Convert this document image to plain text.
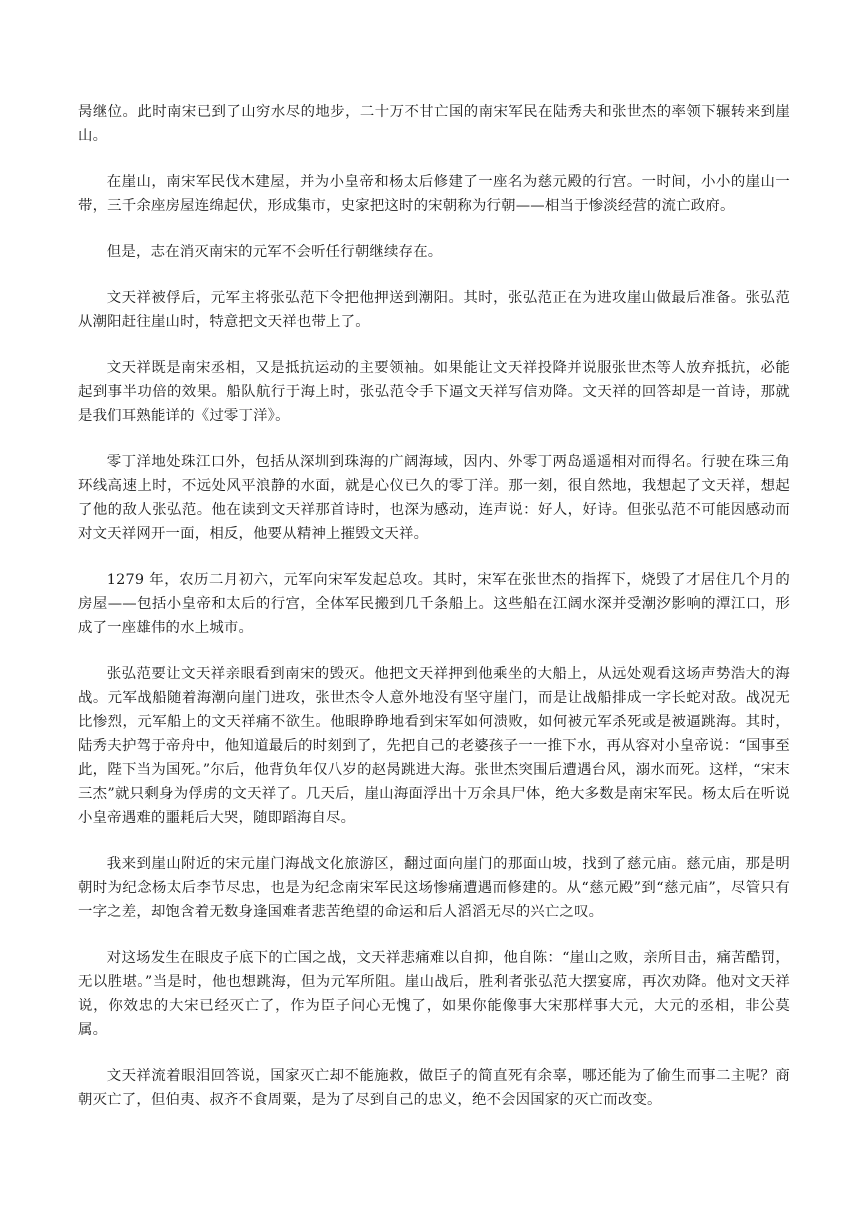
昺继位。此时南宋已到了山穷水尽的地步，二十万不甘亡国的南宋军民在陆秀夫和张世杰的率领下辗转来到崖山。

在崖山，南宋军民伐木建屋，并为小皇帝和杨太后修建了一座名为慈元殿的行宫。一时间，小小的崖山一带，三千余座房屋连绵起伏，形成集市，史家把这时的宋朝称为行朝——相当于惨淡经营的流亡政府。

但是，志在消灭南宋的元军不会听任行朝继续存在。

文天祥被俘后，元军主将张弘范下令把他押送到潮阳。其时，张弘范正在为进攻崖山做最后准备。张弘范从潮阳赶往崖山时，特意把文天祥也带上了。

文天祥既是南宋丞相，又是抵抗运动的主要领袖。如果能让文天祥投降并说服张世杰等人放弃抵抗，必能起到事半功倍的效果。船队航行于海上时，张弘范令手下逼文天祥写信劝降。文天祥的回答却是一首诗，那就是我们耳熟能详的《过零丁洋》。

零丁洋地处珠江口外，包括从深圳到珠海的广阔海域，因内、外零丁两岛遥遥相对而得名。行驶在珠三角环线高速上时，不远处风平浪静的水面，就是心仪已久的零丁洋。那一刻，很自然地，我想起了文天祥，想起了他的敌人张弘范。他在读到文天祥那首诗时，也深为感动，连声说：好人，好诗。但张弘范不可能因感动而对文天祥网开一面，相反，他要从精神上摧毁文天祥。

1279 年，农历二月初六，元军向宋军发起总攻。其时，宋军在张世杰的指挥下，烧毁了才居住几个月的房屋——包括小皇帝和太后的行宫，全体军民搬到几千条船上。这些船在江阔水深并受潮汐影响的潭江口，形成了一座雄伟的水上城市。

张弘范要让文天祥亲眼看到南宋的毁灭。他把文天祥押到他乘坐的大船上，从远处观看这场声势浩大的海战。元军战船随着海潮向崖门进攻，张世杰令人意外地没有坚守崖门，而是让战船排成一字长蛇对敌。战况无比惨烈，元军船上的文天祥痛不欲生。他眼睁睁地看到宋军如何溃败，如何被元军杀死或是被逼跳海。其时，陆秀夫护驾于帝舟中，他知道最后的时刻到了，先把自己的老婆孩子一一推下水，再从容对小皇帝说：“国事至此，陛下当为国死。”尔后，他背负年仅八岁的赵昺跳进大海。张世杰突围后遭遇台风，溺水而死。这样，“宋末三杰”就只剩身为俘虏的文天祥了。几天后，崖山海面浮出十万余具尸体，绝大多数是南宋军民。杨太后在听说小皇帝遇难的噩耗后大哭，随即蹈海自尽。

我来到崖山附近的宋元崖门海战文化旅游区，翻过面向崖门的那面山坡，找到了慈元庙。慈元庙，那是明朝时为纪念杨太后李节尽忠，也是为纪念南宋军民这场惨痛遭遇而修建的。从“慈元殿”到“慈元庙”，尽管只有一字之差，却饱含着无数身逢国难者悲苦绝望的命运和后人滔滔无尽的兴亡之叹。

对这场发生在眼皮子底下的亡国之战，文天祥悲痛难以自抑，他自陈：“崖山之败，亲所目击，痛苦酷罚，无以胜堪。”当是时，他也想跳海，但为元军所阻。崖山战后，胜利者张弘范大摆宴席，再次劝降。他对文天祥说，你效忠的大宋已经灭亡了，作为臣子问心无愧了，如果你能像事大宋那样事大元，大元的丞相，非公莫属。

文天祥流着眼泪回答说，国家灭亡却不能施救，做臣子的简直死有余辜，哪还能为了偷生而事二主呢？商朝灭亡了，但伯夷、叔齐不食周粟，是为了尽到自己的忠义，绝不会因国家的灭亡而改变。
